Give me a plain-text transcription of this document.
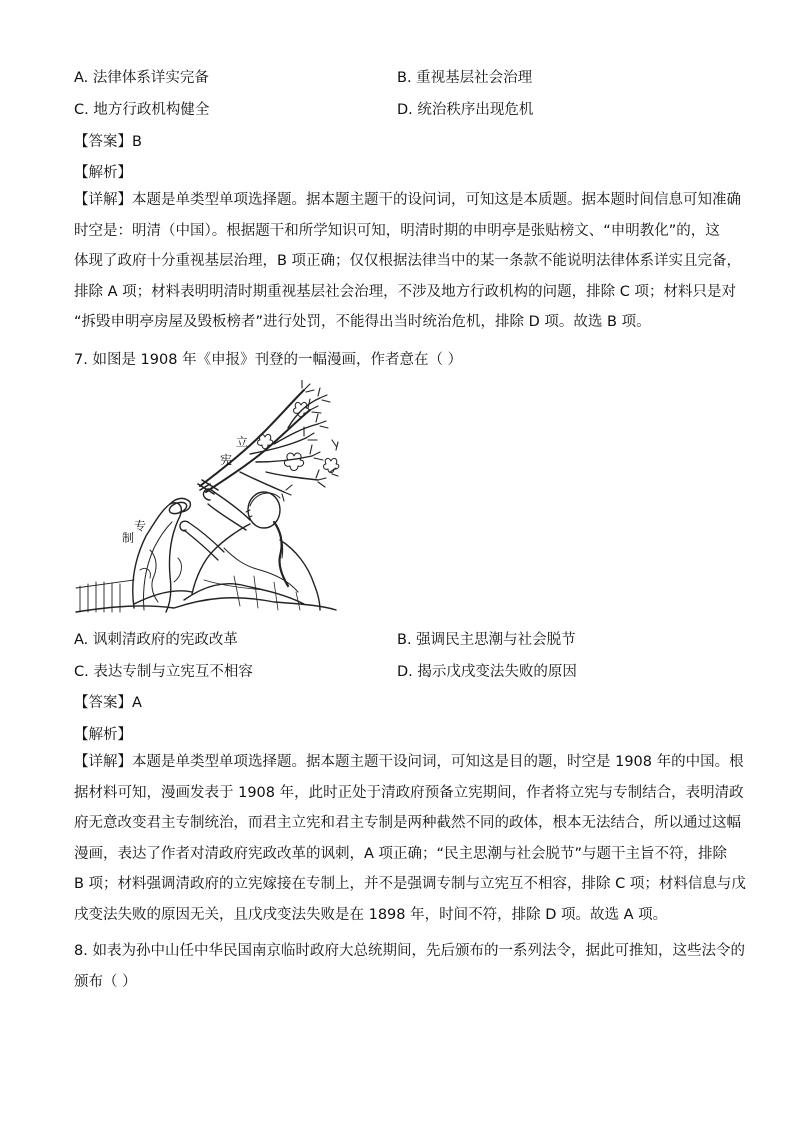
A. 法律体系详实完备	B. 重视基层社会治理
C. 地方行政机构健全	D. 统治秩序出现危机
【答案】B
【解析】
【详解】本题是单类型单项选择题。据本题主题干的设问词，可知这是本质题。据本题时间信息可知准确
时空是：明清（中国）。根据题干和所学知识可知，明清时期的申明亭是张贴榜文、“申明教化”的，这
体现了政府十分重视基层治理，B 项正确；仅仅根据法律当中的某一条款不能说明法律体系详实且完备，
排除 A 项；材料表明明清时期重视基层社会治理，不涉及地方行政机构的问题，排除 C 项；材料只是对
“拆毁申明亭房屋及毁板榜者”进行处罚，不能得出当时统治危机，排除 D 项。故选 B 项。
7. 如图是 1908 年《申报》刊登的一幅漫画，作者意在（ ）
立
宪
专
制
A. 讽刺清政府的宪政改革	B. 强调民主思潮与社会脱节
C. 表达专制与立宪互不相容	D. 揭示戊戌变法失败的原因
【答案】A
【解析】
【详解】本题是单类型单项选择题。据本题主题干设问词，可知这是目的题，时空是 1908 年的中国。根
据材料可知，漫画发表于 1908 年，此时正处于清政府预备立宪期间，作者将立宪与专制结合，表明清政
府无意改变君主专制统治，而君主立宪和君主专制是两种截然不同的政体，根本无法结合，所以通过这幅
漫画，表达了作者对清政府宪政改革的讽刺，A 项正确；“民主思潮与社会脱节”与题干主旨不符，排除
B 项；材料强调清政府的立宪嫁接在专制上，并不是强调专制与立宪互不相容，排除 C 项；材料信息与戊
戌变法失败的原因无关，且戊戌变法失败是在 1898 年，时间不符，排除 D 项。故选 A 项。
8. 如表为孙中山任中华民国南京临时政府大总统期间，先后颁布的一系列法令，据此可推知，这些法令的
颁布（ ）
